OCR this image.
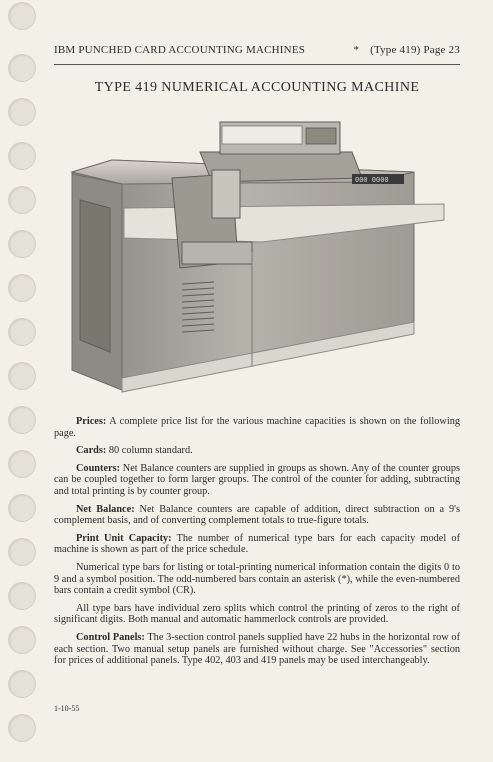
IBM PUNCHED CARD ACCOUNTING MACHINES	* (Type 419) Page 23
TYPE 419 NUMERICAL ACCOUNTING MACHINE
000 0000

Prices: A complete price list for the various machine capacities is shown on the following page.

Cards: 80 column standard.

Counters: Net Balance counters are supplied in groups as shown. Any of the counter groups can be coupled together to form larger groups. The control of the counter for adding, subtracting and total printing is by counter group.

Net Balance: Net Balance counters are capable of addition, direct subtraction on a 9's complement basis, and of converting complement totals to true-figure totals.

Print Unit Capacity: The number of numerical type bars for each capacity model of machine is shown as part of the price schedule.

Numerical type bars for listing or total-printing numerical information contain the digits 0 to 9 and a symbol position. The odd-numbered bars contain an asterisk (*), while the even-numbered bars contain a credit symbol (CR).

All type bars have individual zero splits which control the printing of zeros to the right of significant digits. Both manual and automatic hammerlock controls are provided.

Control Panels: The 3-section control panels supplied have 22 hubs in the horizontal row of each section. Two manual setup panels are furnished without charge. See "Accessories" section for prices of additional panels. Type 402, 403 and 419 panels may be used interchangeably.

1-10-55
